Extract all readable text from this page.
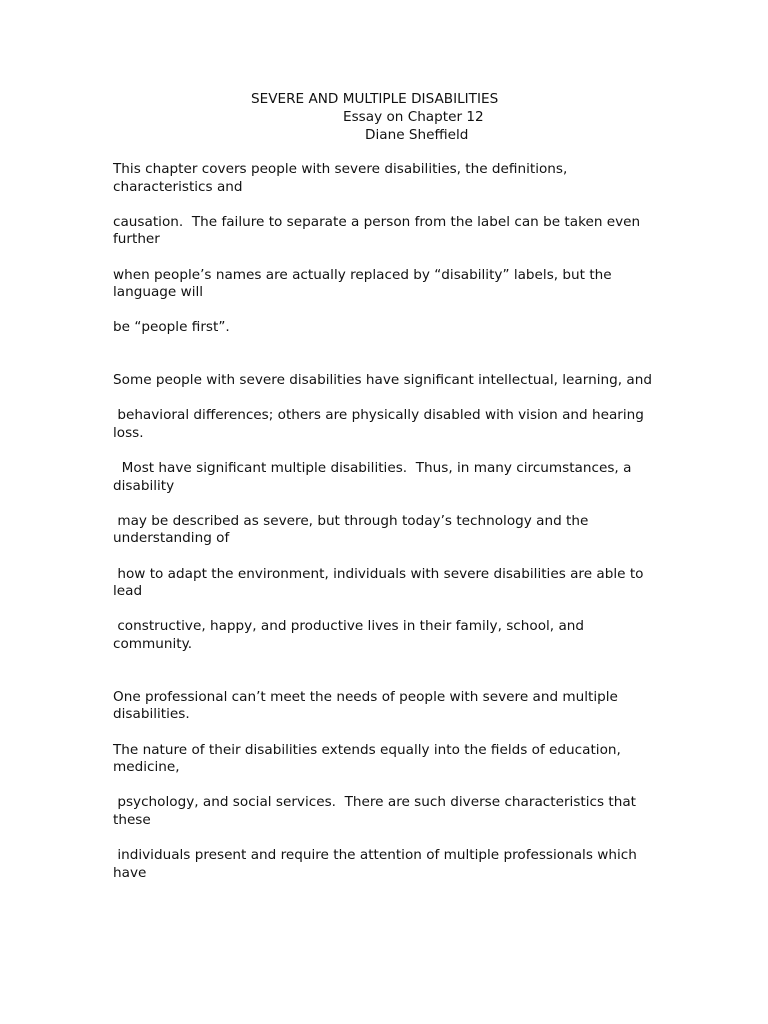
SEVERE AND MULTIPLE DISABILITIES
Essay on Chapter 12
Diane Sheffield

This chapter covers people with severe disabilities, the definitions, characteristics and

causation.  The failure to separate a person from the label can be taken even further

when people’s names are actually replaced by “disability” labels, but the language will

be “people first”.

Some people with severe disabilities have significant intellectual, learning, and

behavioral differences; others are physically disabled with vision and hearing loss.

Most have significant multiple disabilities.  Thus, in many circumstances, a disability

may be described as severe, but through today’s technology and the understanding of

how to adapt the environment, individuals with severe disabilities are able to lead

constructive, happy, and productive lives in their family, school, and community.

One professional can’t meet the needs of people with severe and multiple disabilities.

The nature of their disabilities extends equally into the fields of education, medicine,

psychology, and social services.  There are such diverse characteristics that these

individuals present and require the attention of multiple professionals which have
